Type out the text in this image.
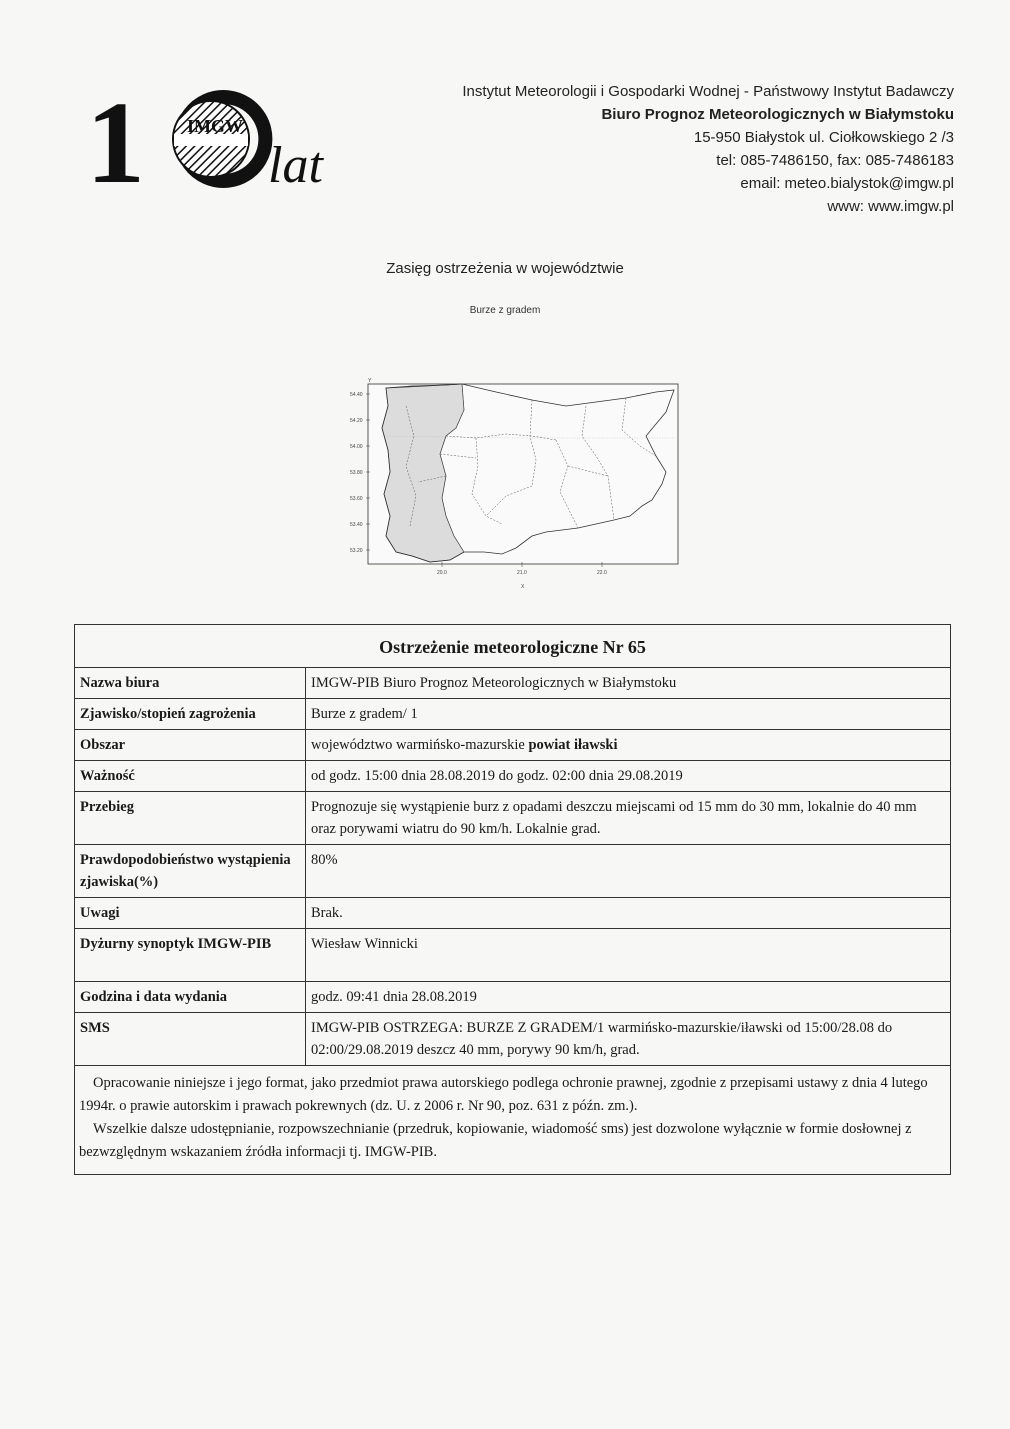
1 IMGW
lat
Instytut Meteorologii i Gospodarki Wodnej - Państwowy Instytut Badawczy
Biuro Prognoz Meteorologicznych w Białymstoku
15-950 Białystok ul. Ciołkowskiego 2 /3
tel: 085-7486150, fax: 085-7486183
email: meteo.bialystok@imgw.pl
www: www.imgw.pl
Zasięg ostrzeżenia w województwie
Burze z gradem
54.40
54.20
54.00
53.80
53.60
53.40
53.20
20.0	21.0	22.0
Y
X
Ostrzeżenie meteorologiczne Nr 65	
Nazwa biura	IMGW-PIB Biuro Prognoz Meteorologicznych w Białymstoku
Zjawisko/stopień zagrożenia	Burze z gradem/ 1
Obszar	województwo warmińsko-mazurskie powiat iławski
Ważność	od godz. 15:00 dnia 28.08.2019 do godz. 02:00 dnia 29.08.2019
Przebieg	Prognozuje się wystąpienie burz z opadami deszczu miejscami od 15 mm do 30 mm, lokalnie do 40 mm oraz porywami wiatru do 90 km/h. Lokalnie grad.
Prawdopodobieństwo wystąpienia zjawiska(%)	80%
Uwagi	Brak.
Dyżurny synoptyk IMGW-PIB	Wiesław Winnicki
Godzina i data wydania	godz. 09:41 dnia 28.08.2019
SMS	IMGW-PIB OSTRZEGA: BURZE Z GRADEM/1 warmińsko-mazurskie/iławski od 15:00/28.08 do 02:00/29.08.2019 deszcz 40 mm, porywy 90 km/h, grad.

Opracowanie niniejsze i jego format, jako przedmiot prawa autorskiego podlega ochronie prawnej, zgodnie z przepisami ustawy z dnia 4 lutego 1994r. o prawie autorskim i prawach pokrewnych (dz. U. z 2006 r. Nr 90, poz. 631 z późn. zm.).

Wszelkie dalsze udostępnianie, rozpowszechnianie (przedruk, kopiowanie, wiadomość sms) jest dozwolone wyłącznie w formie dosłownej z bezwzględnym wskazaniem źródła informacji tj. IMGW-PIB.	
